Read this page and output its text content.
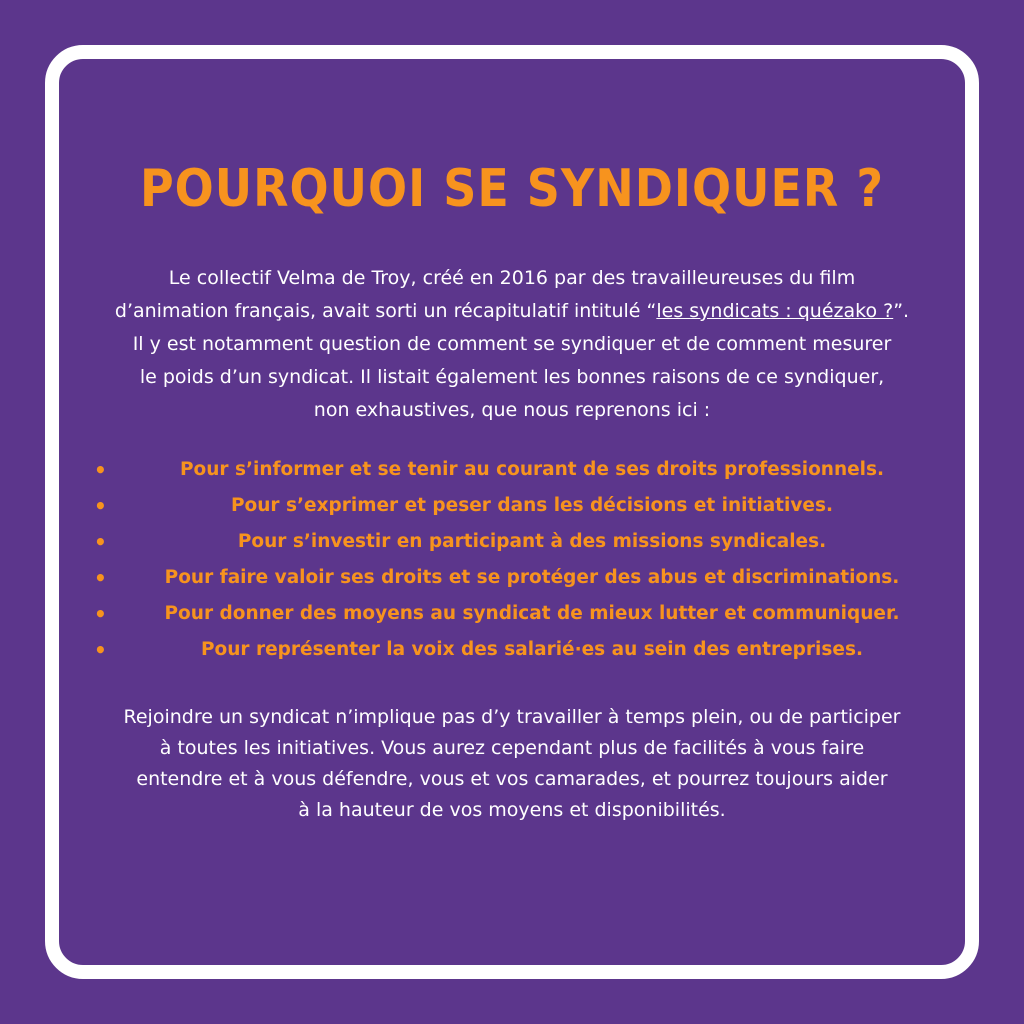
POURQUOI SE SYNDIQUER ?

Le collectif Velma de Troy, créé en 2016 par des travailleureuses du film
d’animation français, avait sorti un récapitulatif intitulé “les syndicats : quézako ?”.
Il y est notamment question de comment se syndiquer et de comment mesurer
le poids d’un syndicat. Il listait également les bonnes raisons de ce syndiquer,
non exhaustives, que nous reprenons ici :

•	Pour s’informer et se tenir au courant de ses droits professionnels.
•	Pour s’exprimer et peser dans les décisions et initiatives.
•	Pour s’investir en participant à des missions syndicales.
•	Pour faire valoir ses droits et se protéger des abus et discriminations.
•	Pour donner des moyens au syndicat de mieux lutter et communiquer.
•	Pour représenter la voix des salarié·es au sein des entreprises.

Rejoindre un syndicat n’implique pas d’y travailler à temps plein, ou de participer
à toutes les initiatives. Vous aurez cependant plus de facilités à vous faire
entendre et à vous défendre, vous et vos camarades, et pourrez toujours aider
à la hauteur de vos moyens et disponibilités.
